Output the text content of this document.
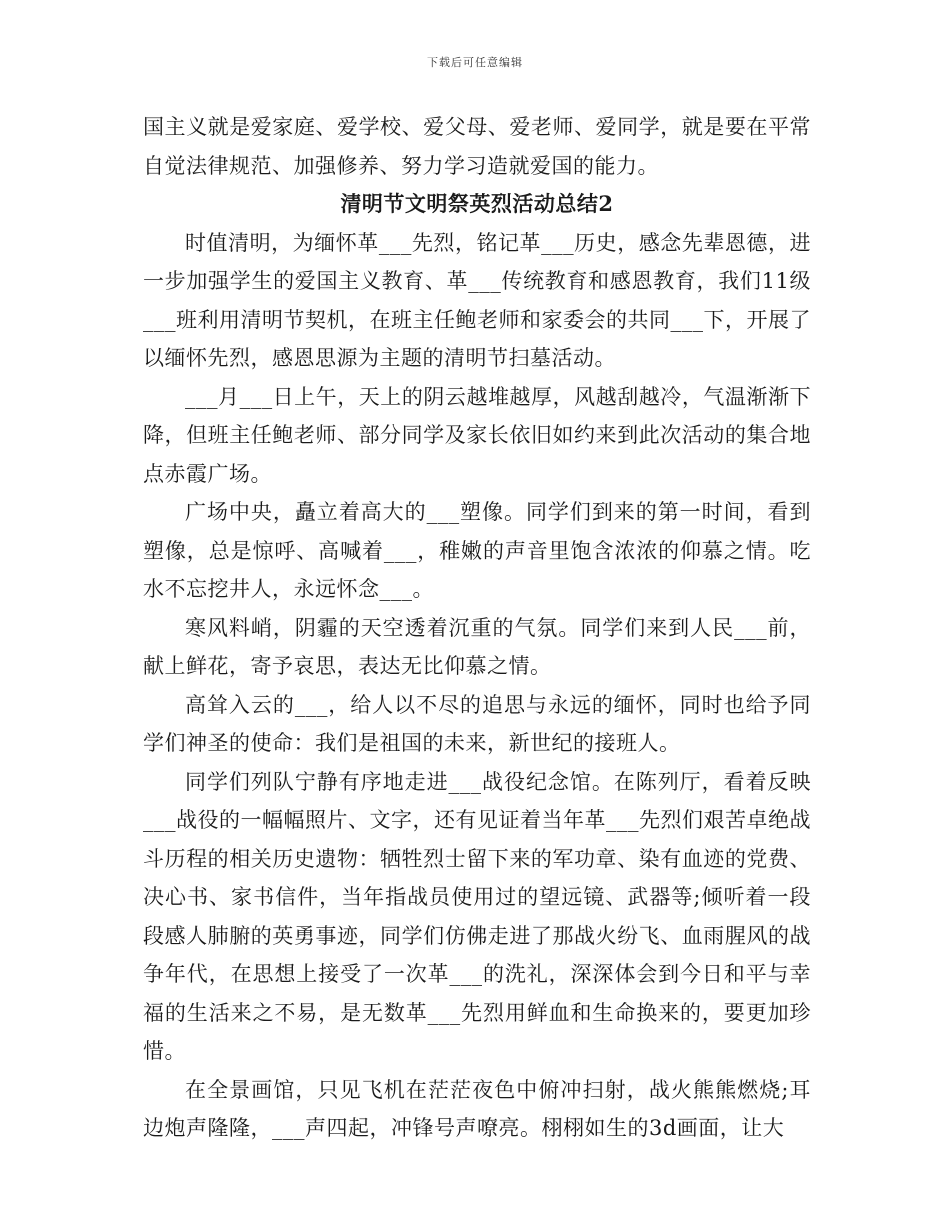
下载后可任意编辑

国主义就是爱家庭、爱学校、爱父母、爱老师、爱同学，就是要在平常自觉法律规范、加强修养、努力学习造就爱国的能力。

清明节文明祭英烈活动总结2

时值清明，为缅怀革___先烈，铭记革___历史，感念先辈恩德，进一步加强学生的爱国主义教育、革___传统教育和感恩教育，我们11级___班利用清明节契机，在班主任鲍老师和家委会的共同___下，开展了以缅怀先烈，感恩思源为主题的清明节扫墓活动。

___月___日上午，天上的阴云越堆越厚，风越刮越冷，气温渐渐下降，但班主任鲍老师、部分同学及家长依旧如约来到此次活动的集合地点赤霞广场。

广场中央，矗立着高大的___塑像。同学们到来的第一时间，看到塑像，总是惊呼、高喊着___，稚嫩的声音里饱含浓浓的仰慕之情。吃水不忘挖井人，永远怀念___。

寒风料峭，阴霾的天空透着沉重的气氛。同学们来到人民___前，献上鲜花，寄予哀思，表达无比仰慕之情。

高耸入云的___，给人以不尽的追思与永远的缅怀，同时也给予同学们神圣的使命：我们是祖国的未来，新世纪的接班人。

同学们列队宁静有序地走进___战役纪念馆。在陈列厅，看着反映___战役的一幅幅照片、文字，还有见证着当年革___先烈们艰苦卓绝战斗历程的相关历史遗物：牺牲烈士留下来的军功章、染有血迹的党费、决心书、家书信件，当年指战员使用过的望远镜、武器等;倾听着一段段感人肺腑的英勇事迹，同学们仿佛走进了那战火纷飞、血雨腥风的战争年代，在思想上接受了一次革___的洗礼，深深体会到今日和平与幸福的生活来之不易，是无数革___先烈用鲜血和生命换来的，要更加珍惜。

在全景画馆，只见飞机在茫茫夜色中俯冲扫射，战火熊熊燃烧;耳边炮声隆隆，___声四起，冲锋号声嘹亮。栩栩如生的3d画面，让大
